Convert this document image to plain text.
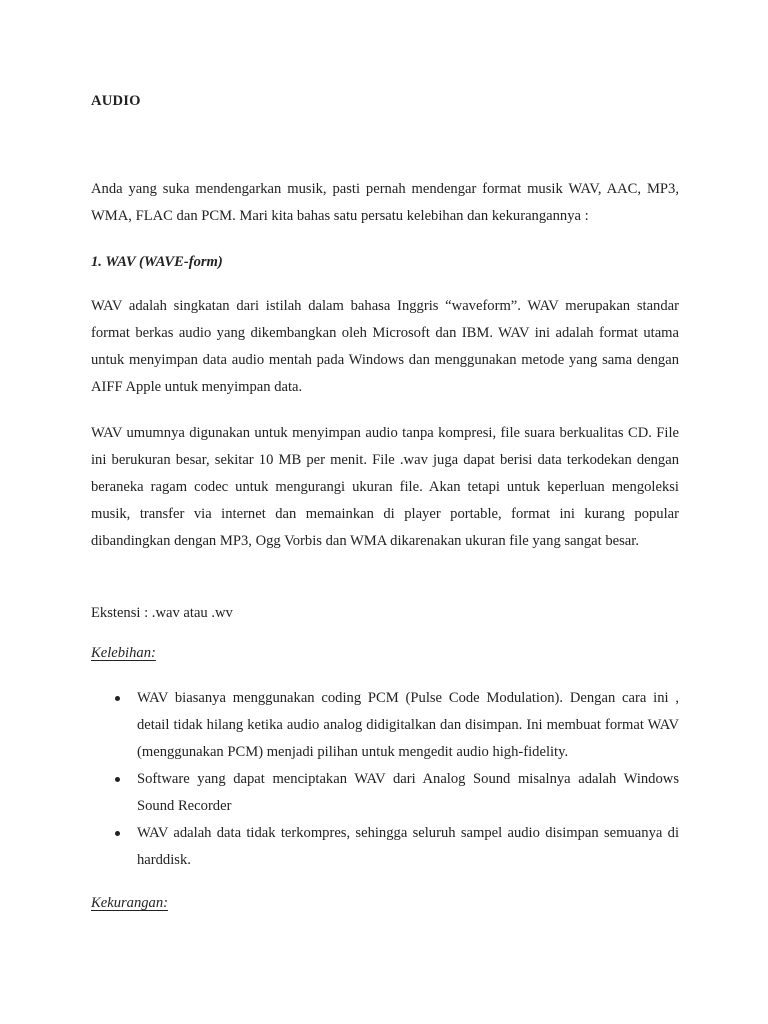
AUDIO

Anda yang suka mendengarkan musik, pasti pernah mendengar format musik WAV, AAC, MP3, WMA, FLAC dan PCM. Mari kita bahas satu persatu kelebihan dan kekurangannya :

1. WAV (WAVE-form)

WAV adalah singkatan dari istilah dalam bahasa Inggris “waveform”. WAV merupakan standar format berkas audio yang dikembangkan oleh Microsoft dan IBM. WAV ini adalah format utama untuk menyimpan data audio mentah pada Windows dan menggunakan metode yang sama dengan AIFF Apple untuk menyimpan data.

WAV umumnya digunakan untuk menyimpan audio tanpa kompresi, file suara berkualitas CD. File ini berukuran besar, sekitar 10 MB per menit. File .wav juga dapat berisi data terkodekan dengan beraneka ragam codec untuk mengurangi ukuran file. Akan tetapi untuk keperluan mengoleksi musik, transfer via internet dan memainkan di player portable, format ini kurang popular dibandingkan dengan MP3, Ogg Vorbis dan WMA dikarenakan ukuran file yang sangat besar.

Ekstensi : .wav atau .wv

Kelebihan:

WAV biasanya menggunakan coding PCM (Pulse Code Modulation). Dengan cara ini , detail tidak hilang ketika audio analog didigitalkan dan disimpan. Ini membuat format WAV (menggunakan PCM) menjadi pilihan untuk mengedit audio high-fidelity.
Software yang dapat menciptakan WAV dari Analog Sound misalnya adalah Windows Sound Recorder
WAV adalah data tidak terkompres, sehingga seluruh sampel audio disimpan semuanya di harddisk.

Kekurangan:
